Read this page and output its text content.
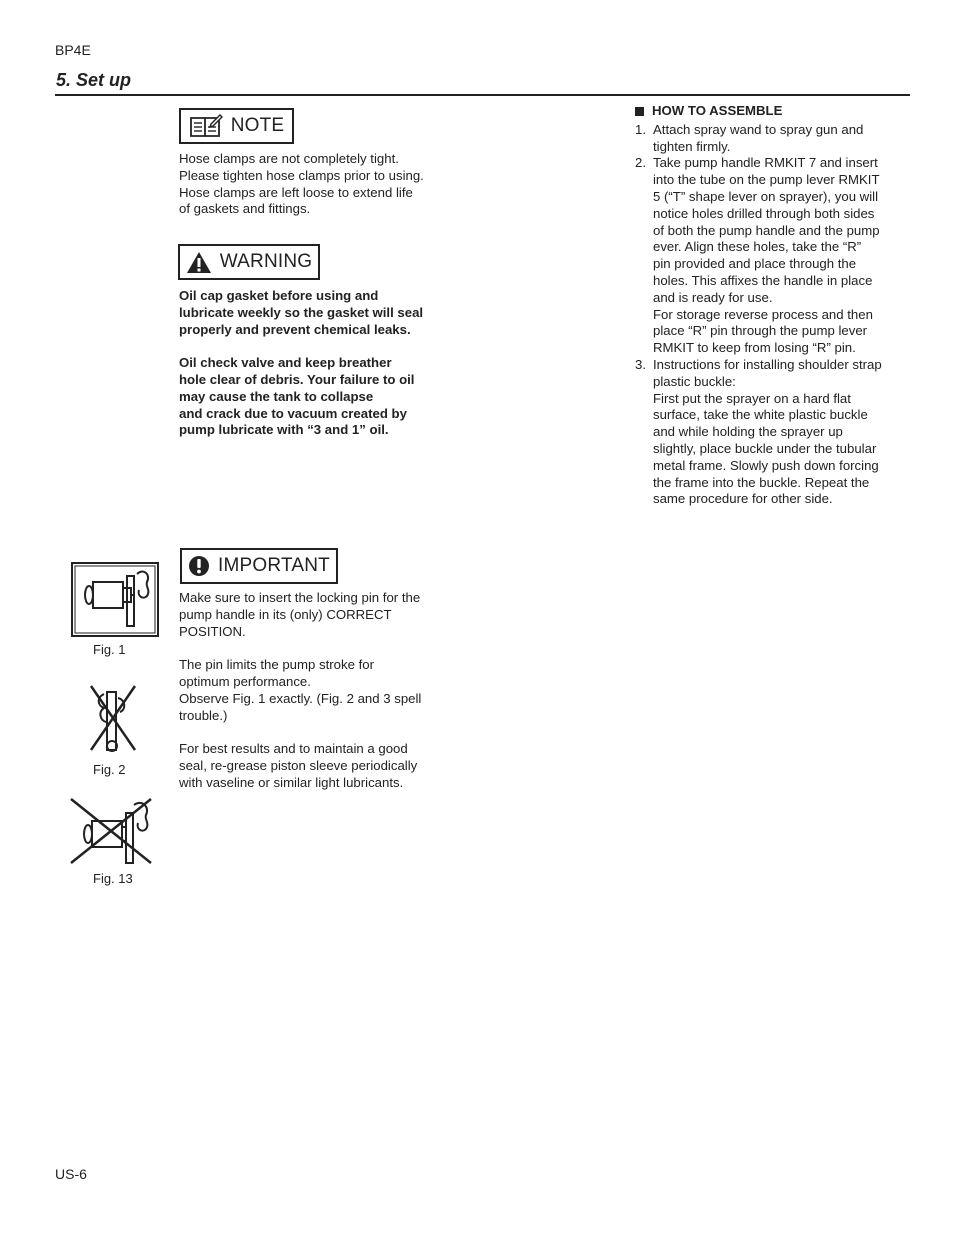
BP4E
5. Set up
NOTE

Hose clamps are not completely tight.
Please tighten hose clamps prior to using.
Hose clamps are left loose to extend life
of gaskets and fittings.

WARNING

Oil cap gasket before using and
lubricate weekly so the gasket will seal
properly and prevent chemical leaks.

Oil check valve and keep breather
hole clear of debris. Your failure to oil
may cause the tank to collapse
and crack due to vacuum created by
pump lubricate with “3 and 1” oil.

IMPORTANT

Make sure to insert the locking pin for the
pump handle in its (only) CORRECT
POSITION.

The pin limits the pump stroke for
optimum performance.
Observe Fig. 1 exactly. (Fig. 2 and 3 spell
trouble.)

For best results and to maintain a good
seal, re-grease piston sleeve periodically
with vaseline or similar light lubricants.

Fig. 1
Fig. 2
Fig. 13
HOW TO ASSEMBLE
1. Attach spray wand to spray gun and
tighten firmly.
2. Take pump handle RMKIT 7 and insert
into the tube on the pump lever RMKIT
5 (“T” shape lever on sprayer), you will
notice holes drilled through both sides
of both the pump handle and the pump
ever. Align these holes, take the “R”
pin provided and place through the
holes. This affixes the handle in place
and is ready for use.
For storage reverse process and then
place “R” pin through the pump lever
RMKIT to keep from losing “R” pin.
3. Instructions for installing shoulder strap
plastic buckle:
First put the sprayer on a hard flat
surface, take the white plastic buckle
and while holding the sprayer up
slightly, place buckle under the tubular
metal frame. Slowly push down forcing
the frame into the buckle. Repeat the
same procedure for other side.
US-6
